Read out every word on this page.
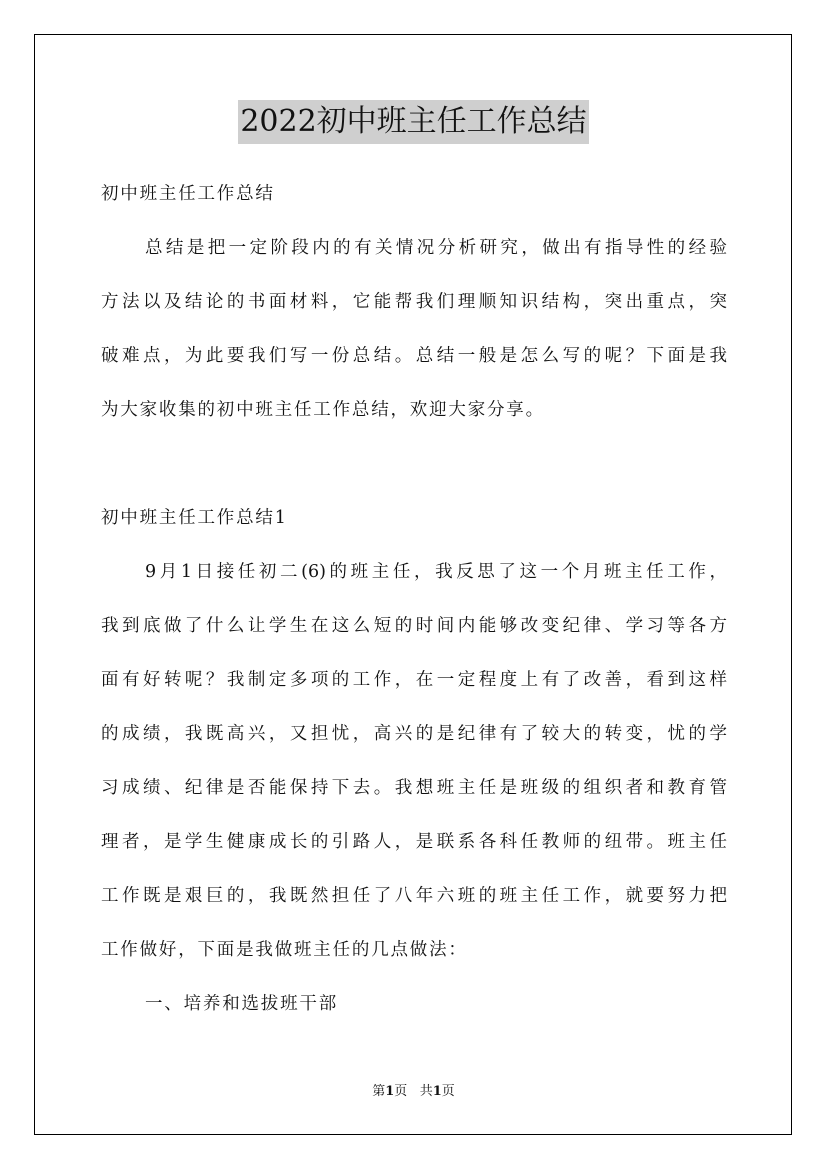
2022初中班主任工作总结
初中班主任工作总结
总结是把一定阶段内的有关情况分析研究，做出有指导性的经验
方法以及结论的书面材料，它能帮我们理顺知识结构，突出重点，突
破难点，为此要我们写一份总结。总结一般是怎么写的呢？下面是我
为大家收集的初中班主任工作总结，欢迎大家分享。
初中班主任工作总结1
9月1日接任初二(6)的班主任，我反思了这一个月班主任工作，
我到底做了什么让学生在这么短的时间内能够改变纪律、学习等各方
面有好转呢？我制定多项的工作，在一定程度上有了改善，看到这样
的成绩，我既高兴，又担忧，高兴的是纪律有了较大的转变，忧的学
习成绩、纪律是否能保持下去。我想班主任是班级的组织者和教育管
理者，是学生健康成长的引路人，是联系各科任教师的纽带。班主任
工作既是艰巨的，我既然担任了八年六班的班主任工作，就要努力把
工作做好，下面是我做班主任的几点做法：
一、培养和选拔班干部
第1页 共1页
